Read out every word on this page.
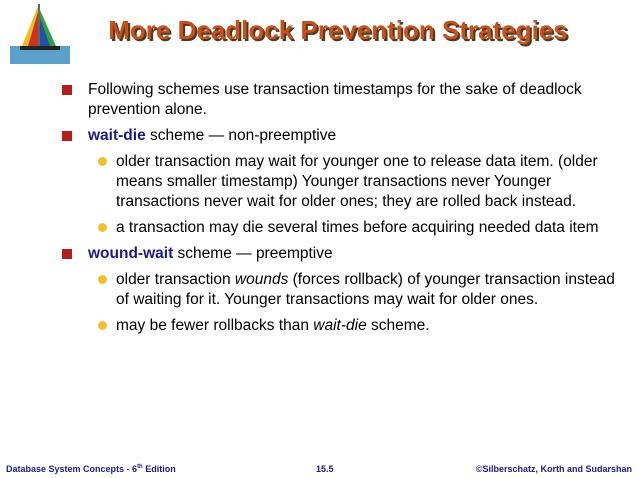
More Deadlock Prevention Strategies
Following schemes use transaction timestamps for the sake of deadlock prevention alone.
wait-die scheme — non-preemptive
older transaction may wait for younger one to release data item. (older means smaller timestamp) Younger transactions never Younger transactions never wait for older ones; they are rolled back instead.
a transaction may die several times before acquiring needed data item
wound-wait scheme — preemptive
older transaction wounds (forces rollback) of younger transaction instead of waiting for it. Younger transactions may wait for older ones.
may be fewer rollbacks than wait-die scheme.
Database System Concepts - 6th Edition	15.5	©Silberschatz, Korth and Sudarshan
